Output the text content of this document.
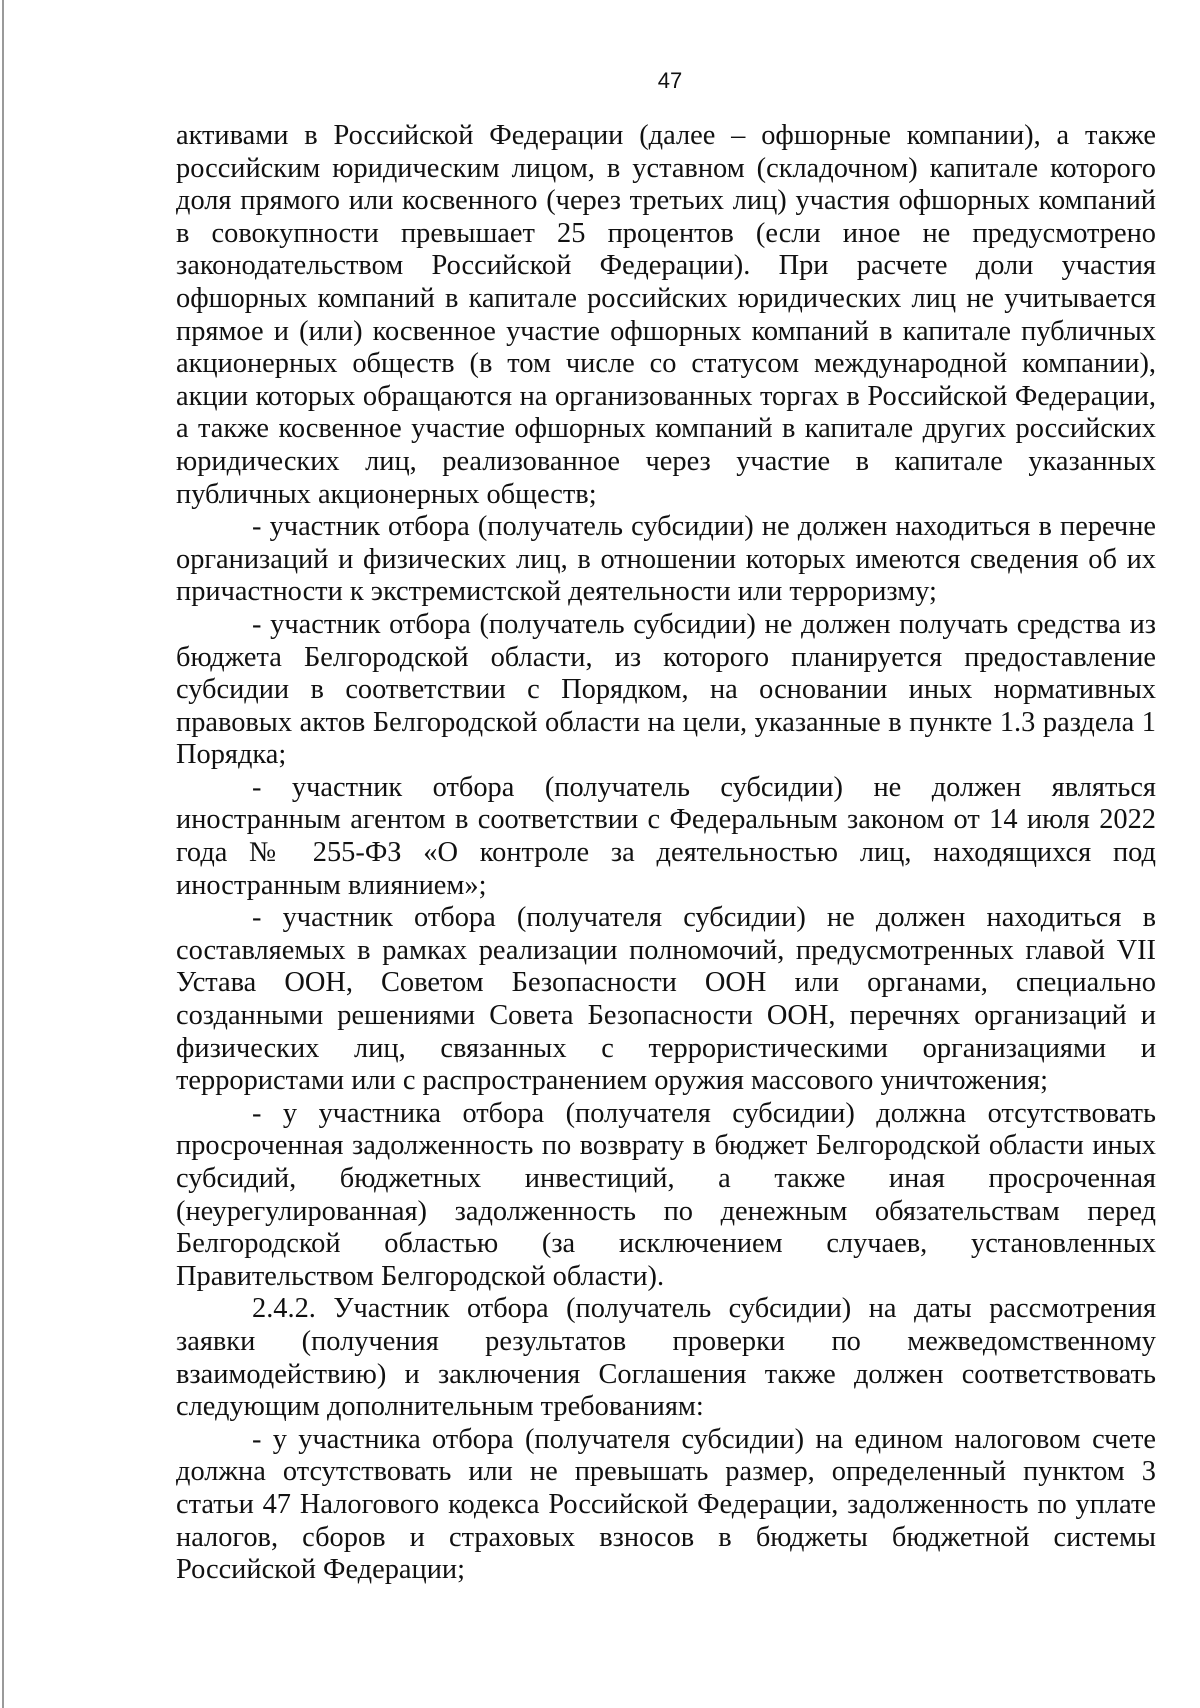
47

активами в Российской Федерации (далее – офшорные компании), а также российским юридическим лицом, в уставном (складочном) капитале которого доля прямого или косвенного (через третьих лиц) участия офшорных компаний в совокупности превышает 25 процентов (если иное не предусмотрено законодательством Российской Федерации). При расчете доли участия офшорных компаний в капитале российских юридических лиц не учитывается прямое и (или) косвенное участие офшорных компаний в капитале публичных акционерных обществ (в том числе со статусом международной компании), акции которых обращаются на организованных торгах в Российской Федерации, а также косвенное участие офшорных компаний в капитале других российских юридических лиц, реализованное через участие в капитале указанных публичных акционерных обществ;

- участник отбора (получатель субсидии) не должен находиться в перечне организаций и физических лиц, в отношении которых имеются сведения об их причастности к экстремистской деятельности или терроризму;

- участник отбора (получатель субсидии) не должен получать средства из бюджета Белгородской области, из которого планируется предоставление субсидии в соответствии с Порядком, на основании иных нормативных правовых актов Белгородской области на цели, указанные в пункте 1.3 раздела 1 Порядка;

- участник отбора (получатель субсидии) не должен являться иностранным агентом в соответствии с Федеральным законом от 14 июля 2022 года № 255-ФЗ «О контроле за деятельностью лиц, находящихся под иностранным влиянием»;

- участник отбора (получателя субсидии) не должен находиться в составляемых в рамках реализации полномочий, предусмотренных главой VII Устава ООН, Советом Безопасности ООН или органами, специально созданными решениями Совета Безопасности ООН, перечнях организаций и физических лиц, связанных с террористическими организациями и террористами или с распространением оружия массового уничтожения;

- у участника отбора (получателя субсидии) должна отсутствовать просроченная задолженность по возврату в бюджет Белгородской области иных субсидий, бюджетных инвестиций, а также иная просроченная (неурегулированная) задолженность по денежным обязательствам перед Белгородской областью (за исключением случаев, установленных Правительством Белгородской области).

2.4.2. Участник отбора (получатель субсидии) на даты рассмотрения заявки (получения результатов проверки по межведомственному взаимодействию) и заключения Соглашения также должен соответствовать следующим дополнительным требованиям:

- у участника отбора (получателя субсидии) на едином налоговом счете должна отсутствовать или не превышать размер, определенный пунктом 3 статьи 47 Налогового кодекса Российской Федерации, задолженность по уплате налогов, сборов и страховых взносов в бюджеты бюджетной системы Российской Федерации;
